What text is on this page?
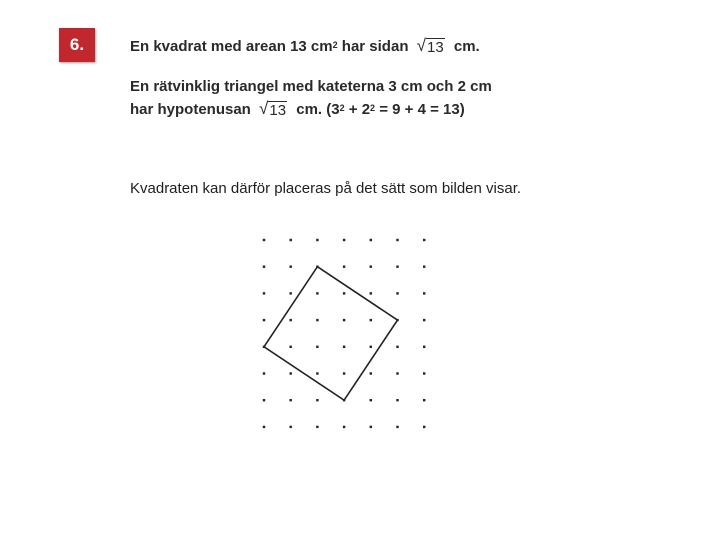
6.	En kvadrat med arean 13 $cm^2$ har sidan √ 13 cm.
En rätvinklig triangel med kateterna 3 cm och 2 cm
har hypotenusan √ 13 cm. $(3^2 + 2^2 = 9 + 4 = 13)$
Kvadraten kan därför placeras på det sätt som bilden visar.
